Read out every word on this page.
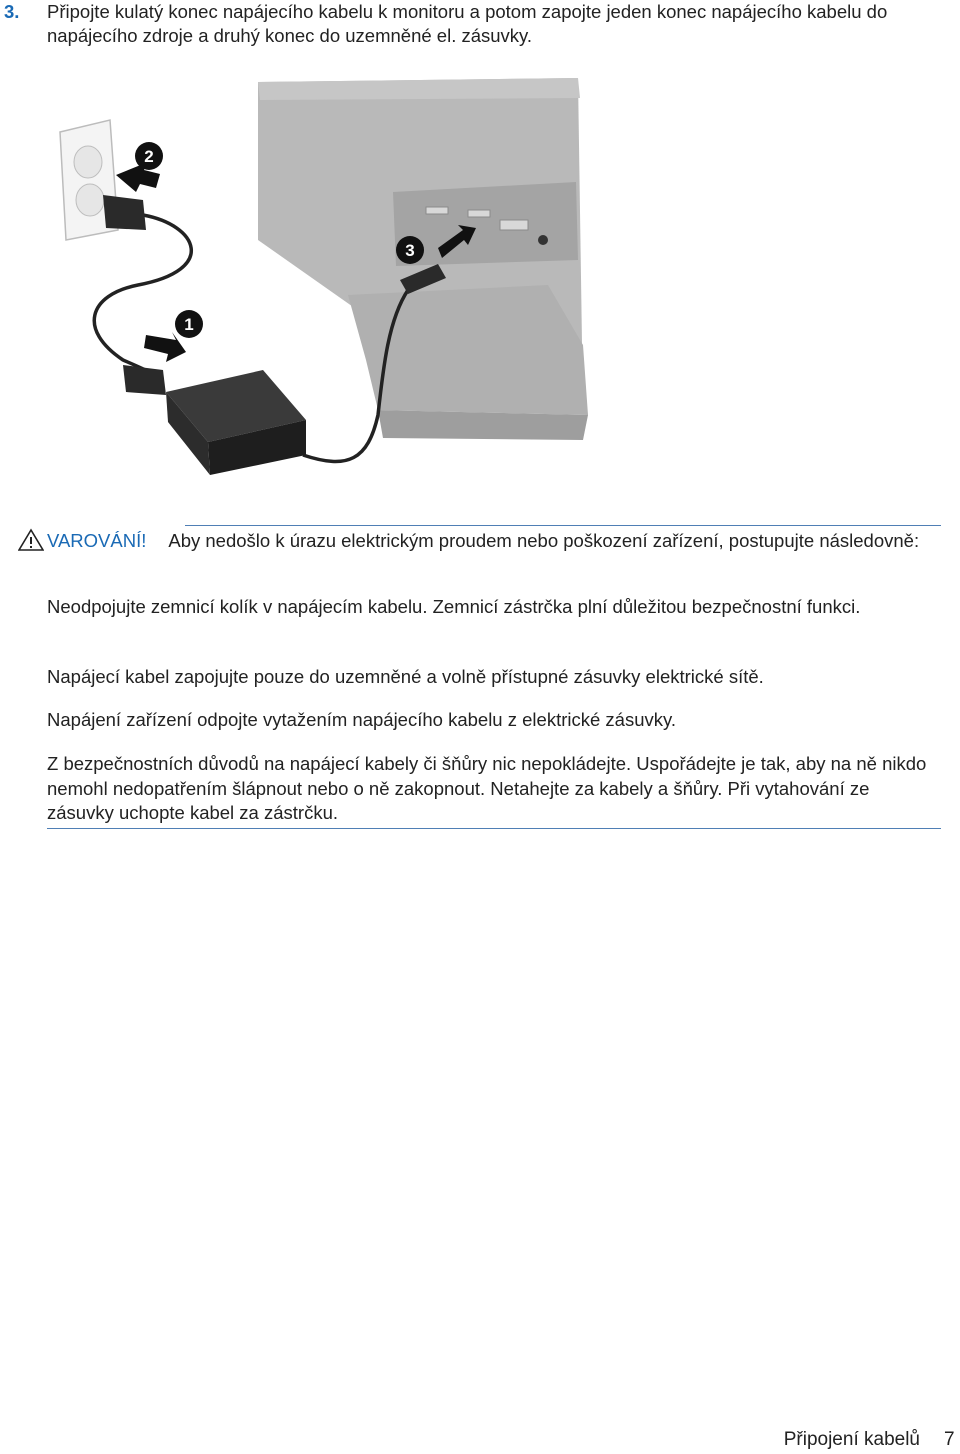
3. Připojte kulatý konec napájecího kabelu k monitoru a potom zapojte jeden konec napájecího kabelu do napájecího zdroje a druhý konec do uzemněné el. zásuvky.
1
2
3
VAROVÁNÍ! Aby nedošlo k úrazu elektrickým proudem nebo poškození zařízení, postupujte následovně:
Neodpojujte zemnicí kolík v napájecím kabelu. Zemnicí zástrčka plní důležitou bezpečnostní funkci.
Napájecí kabel zapojujte pouze do uzemněné a volně přístupné zásuvky elektrické sítě.
Napájení zařízení odpojte vytažením napájecího kabelu z elektrické zásuvky.
Z bezpečnostních důvodů na napájecí kabely či šňůry nic nepokládejte. Uspořádejte je tak, aby na ně nikdo nemohl nedopatřením šlápnout nebo o ně zakopnout. Netahejte za kabely a šňůry. Při vytahování ze zásuvky uchopte kabel za zástrčku.
Připojení kabelů 7
